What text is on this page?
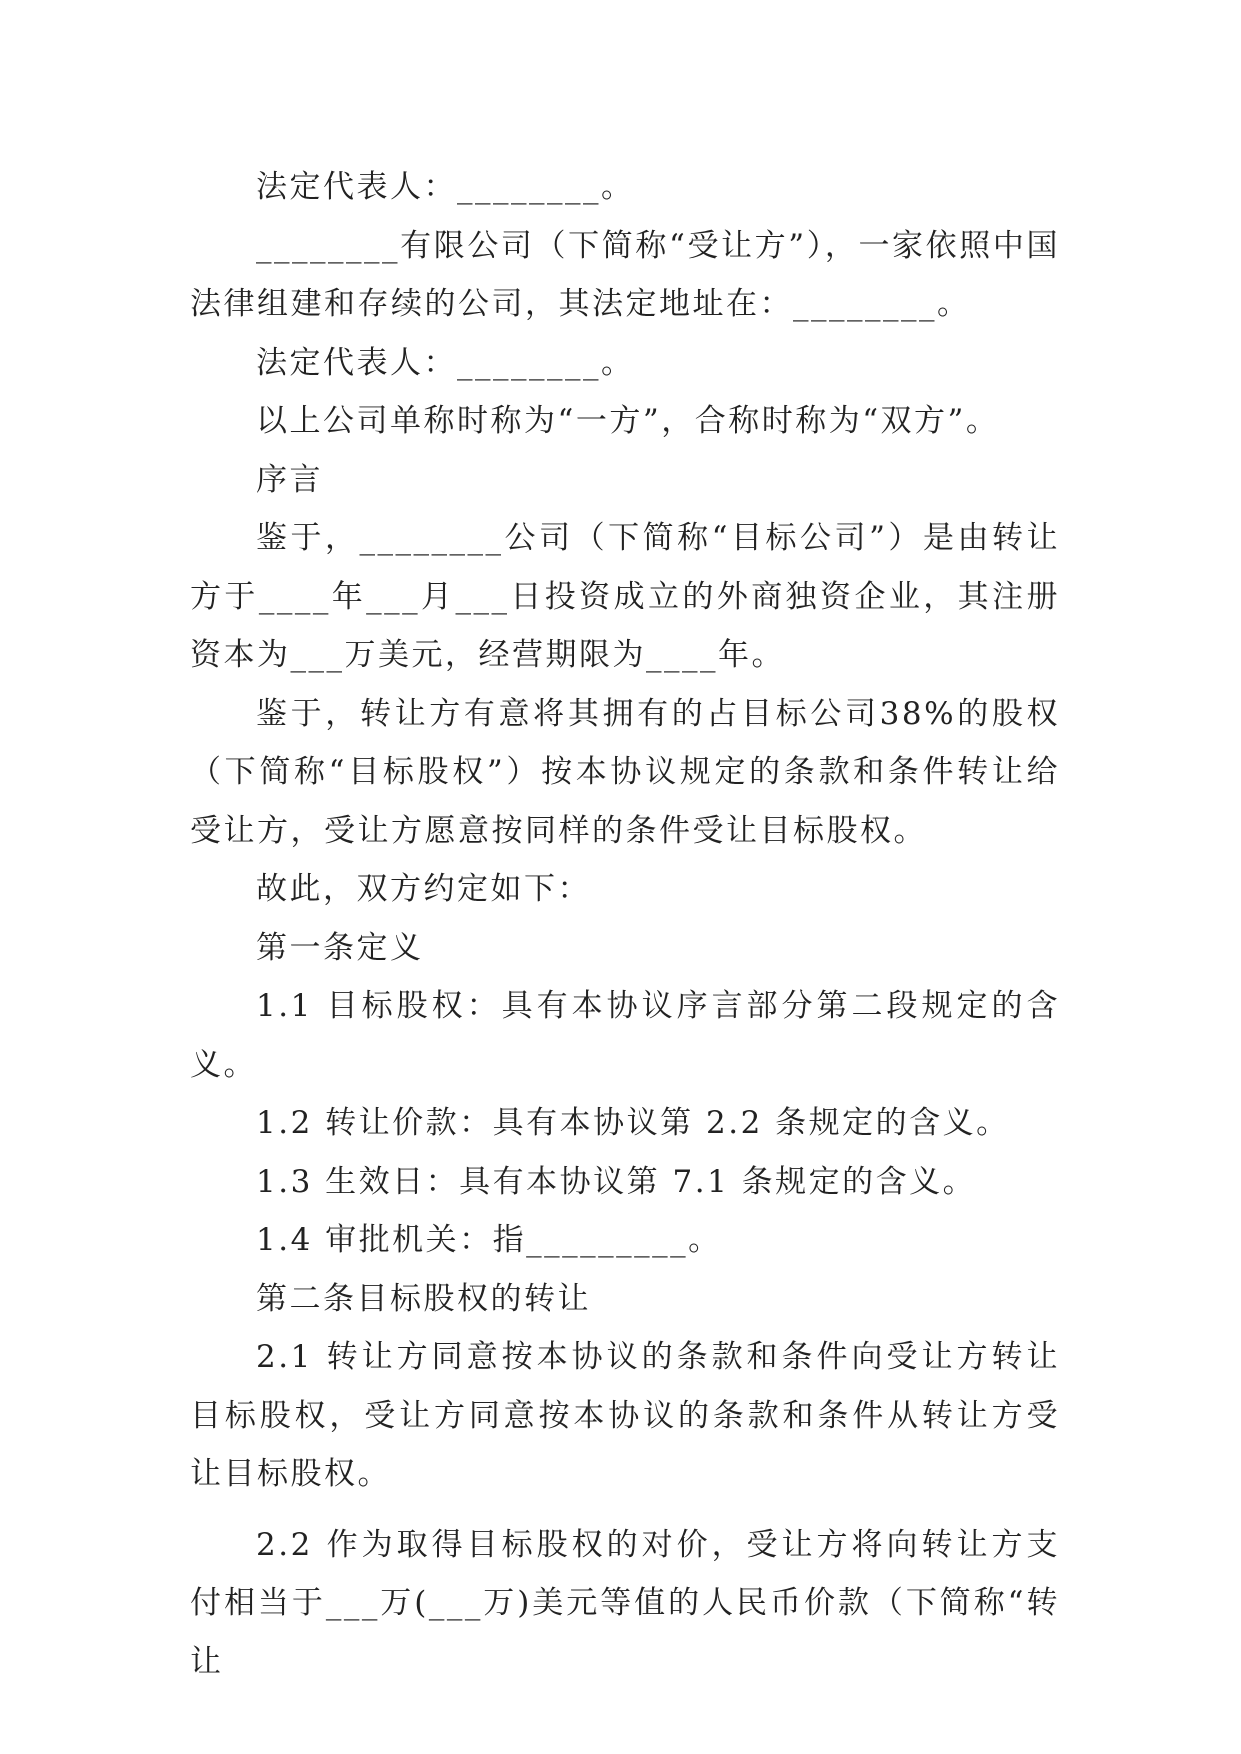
法定代表人：________。

________有限公司（下简称“受让方”），一家依照中国法律组建和存续的公司，其法定地址在：________。

法定代表人：________。

以上公司单称时称为“一方”，合称时称为“双方”。

序言

鉴于，________公司（下简称“目标公司”）是由转让方于____年___月___日投资成立的外商独资企业，其注册资本为___万美元，经营期限为____年。

鉴于，转让方有意将其拥有的占目标公司38%的股权（下简称“目标股权”）按本协议规定的条款和条件转让给受让方，受让方愿意按同样的条件受让目标股权。

故此，双方约定如下：

第一条定义

1.1 目标股权：具有本协议序言部分第二段规定的含义。

1.2 转让价款：具有本协议第 2.2 条规定的含义。

1.3 生效日：具有本协议第 7.1 条规定的含义。

1.4 审批机关：指_________。

第二条目标股权的转让

2.1 转让方同意按本协议的条款和条件向受让方转让目标股权，受让方同意按本协议的条款和条件从转让方受让目标股权。

2.2 作为取得目标股权的对价，受让方将向转让方支付相当于___万(___万)美元等值的人民币价款（下简称“转让
